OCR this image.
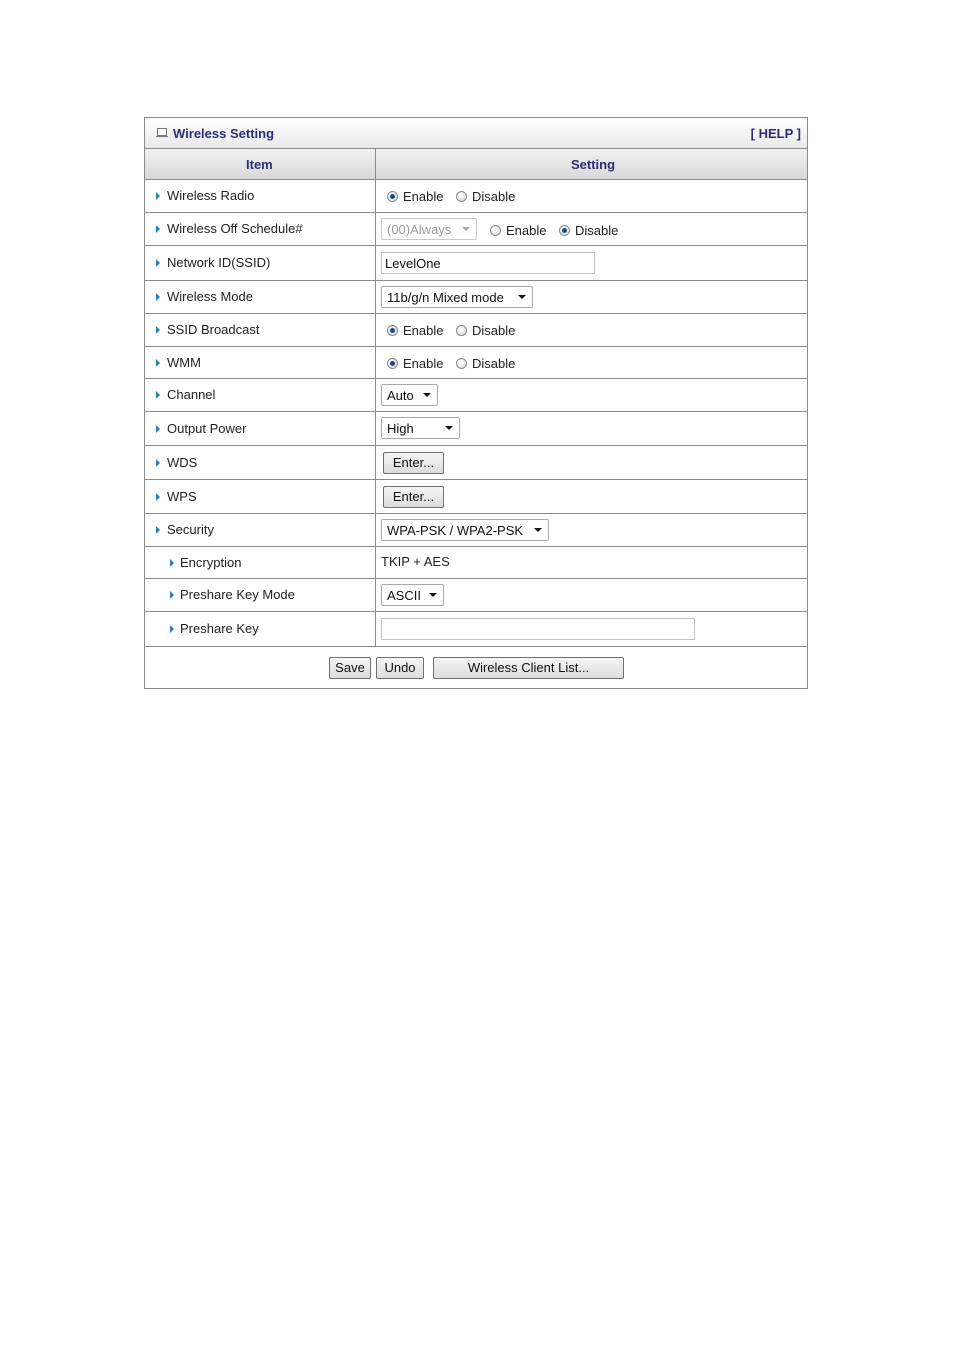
Wireless Setting	[ HELP ]
Item	Setting
Wireless Radio	Enable Disable
Wireless Off Schedule#	(00)Always	Enable Disable
Network ID(SSID)	LevelOne
Wireless Mode	11b/g/n Mixed mode
SSID Broadcast	Enable Disable
WMM	Enable Disable
Channel	Auto
Output Power	High
WDS	Enter...
WPS	Enter...
Security	WPA-PSK / WPA2-PSK
Encryption	TKIP + AES
Preshare Key Mode	ASCII
Preshare Key
Save	Undo	Wireless Client List...
